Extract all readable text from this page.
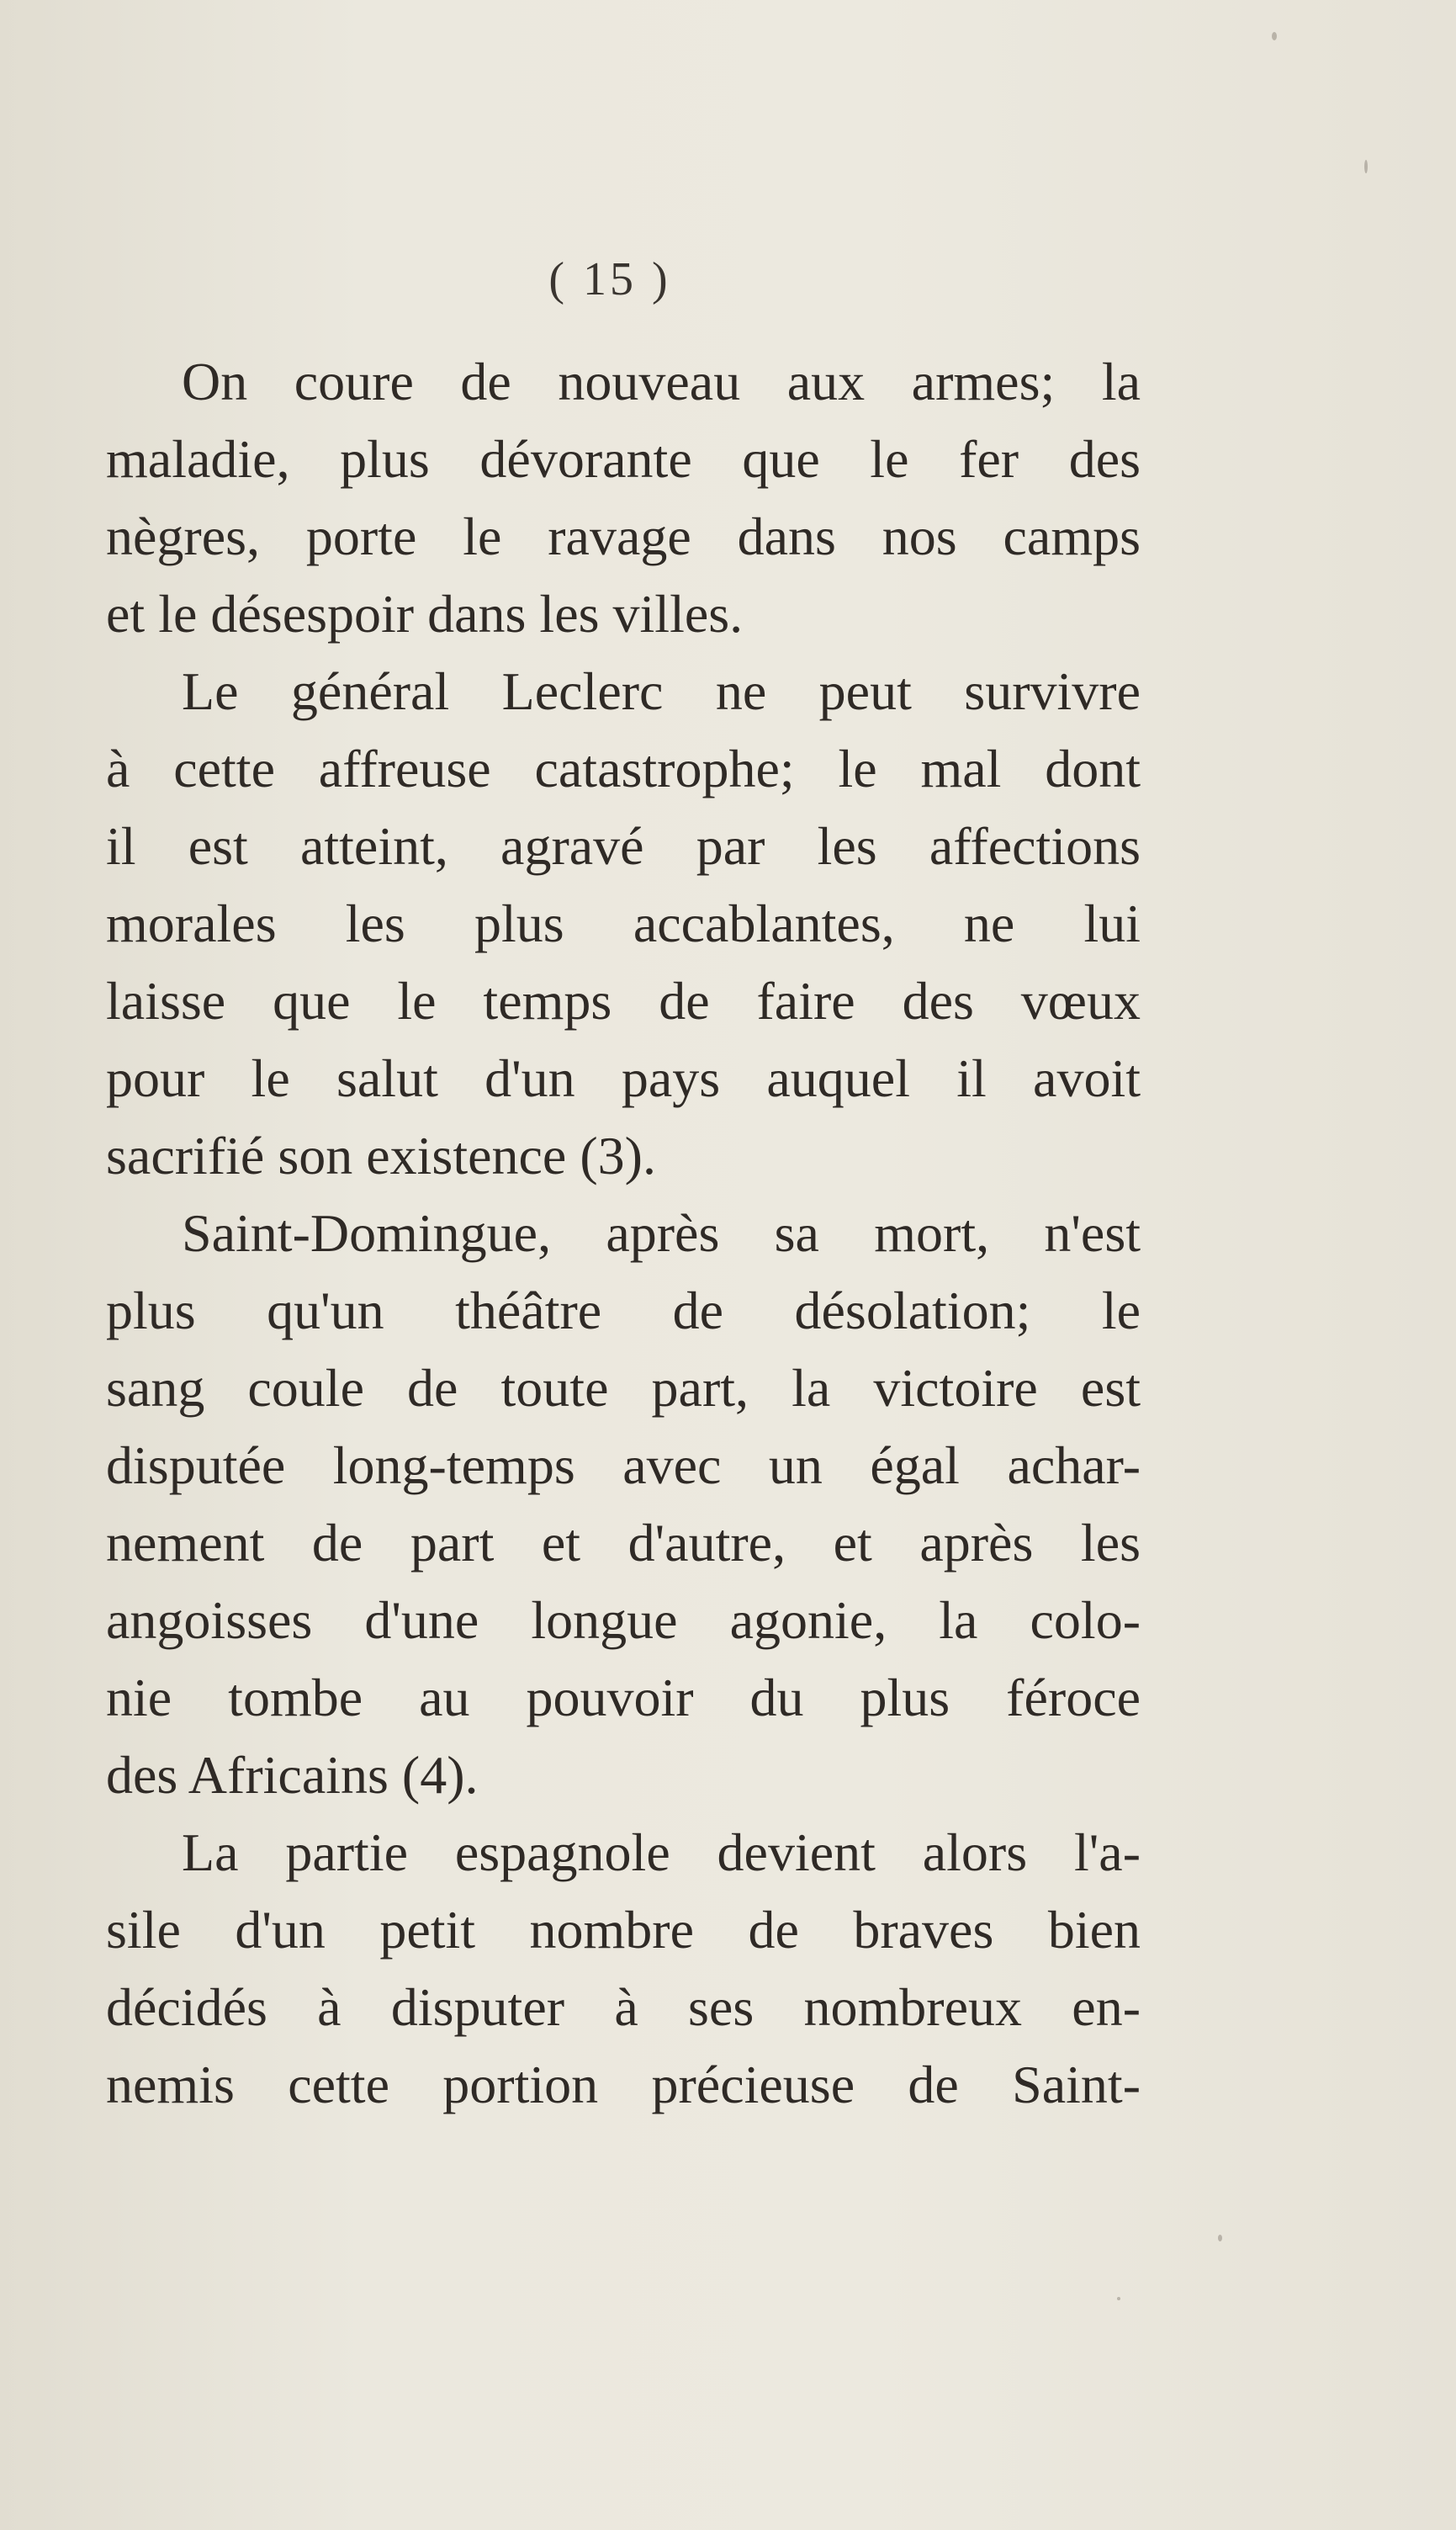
( 15 )
On coure de nouveau aux armes; la
maladie, plus dévorante que le fer des
nègres, porte le ravage dans nos camps
et le désespoir dans les villes.
Le général Leclerc ne peut survivre
à cette affreuse catastrophe; le mal dont
il est atteint, agravé par les affections
morales les plus accablantes, ne lui
laisse que le temps de faire des vœux
pour le salut d'un pays auquel il avoit
sacrifié son existence (3).
Saint-Domingue, après sa mort, n'est
plus qu'un théâtre de désolation; le
sang coule de toute part, la victoire est
disputée long-temps avec un égal achar-
nement de part et d'autre, et après les
angoisses d'une longue agonie, la colo-
nie tombe au pouvoir du plus féroce
des Africains (4).
La partie espagnole devient alors l'a-
sile d'un petit nombre de braves bien
décidés à disputer à ses nombreux en-
nemis cette portion précieuse de Saint-
